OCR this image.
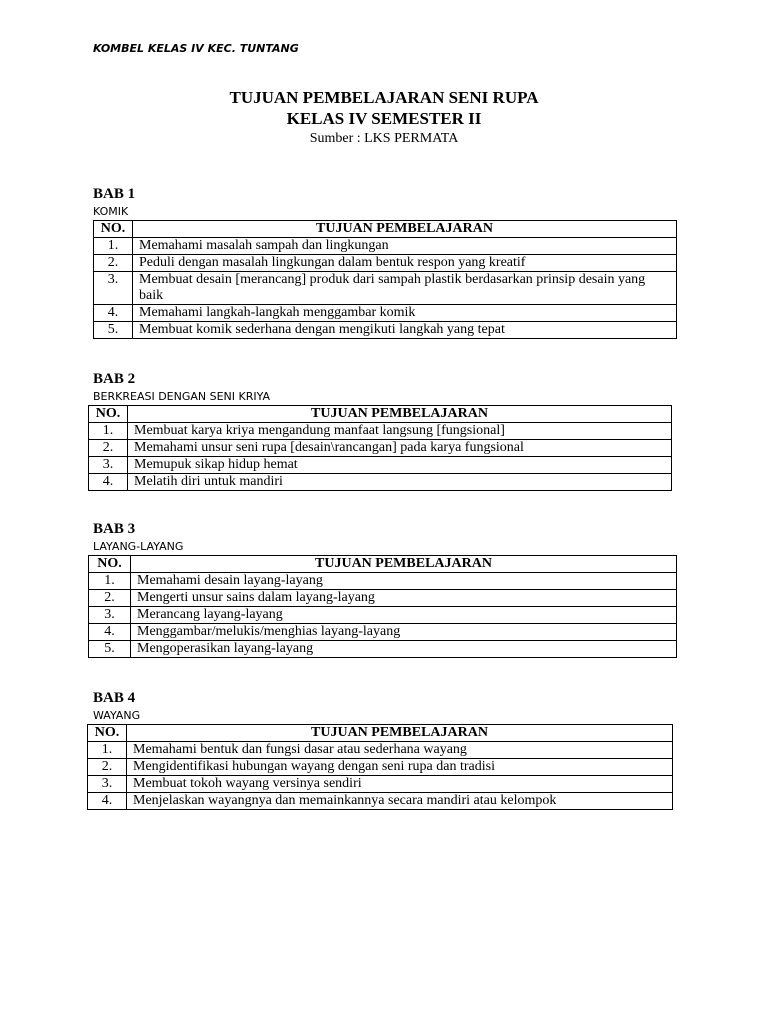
KOMBEL KELAS IV KEC. TUNTANG
TUJUAN PEMBELAJARAN SENI RUPA
KELAS IV SEMESTER II
Sumber : LKS PERMATA
BAB 1
KOMIK
NO.	TUJUAN PEMBELAJARAN
1.	Memahami masalah sampah dan lingkungan
2.	Peduli dengan masalah lingkungan dalam bentuk respon yang kreatif
3.	Membuat desain [merancang] produk dari sampah plastik berdasarkan prinsip desain yang baik
4.	Memahami langkah-langkah menggambar komik
5.	Membuat komik sederhana dengan mengikuti langkah yang tepat
BAB 2
BERKREASI DENGAN SENI KRIYA
NO.	TUJUAN PEMBELAJARAN
1.	Membuat karya kriya mengandung manfaat langsung [fungsional]
2.	Memahami unsur seni rupa [desain\rancangan] pada karya fungsional
3.	Memupuk sikap hidup hemat
4.	Melatih diri untuk mandiri
BAB 3
LAYANG-LAYANG
NO.	TUJUAN PEMBELAJARAN
1.	Memahami desain layang-layang
2.	Mengerti unsur sains dalam layang-layang
3.	Merancang layang-layang
4.	Menggambar/melukis/menghias layang-layang
5.	Mengoperasikan layang-layang
BAB 4
WAYANG
NO.	TUJUAN PEMBELAJARAN
1.	Memahami bentuk dan fungsi dasar atau sederhana wayang
2.	Mengidentifikasi hubungan wayang dengan seni rupa dan tradisi
3.	Membuat tokoh wayang versinya sendiri
4.	Menjelaskan wayangnya dan memainkannya secara mandiri atau kelompok
